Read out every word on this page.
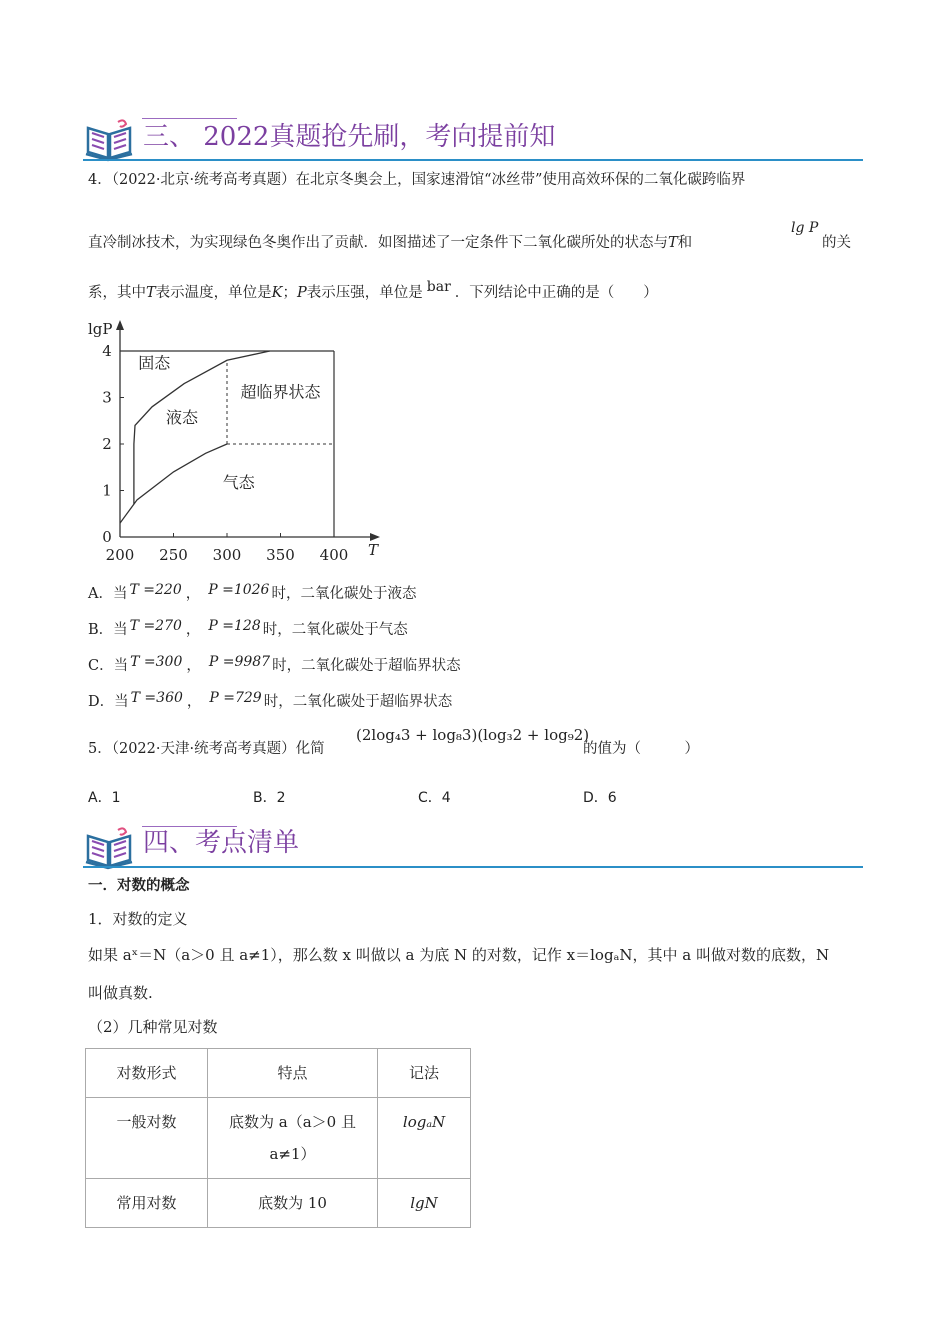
三、 2022真题抢先刷，考向提前知
4．（2022·北京·统考高考真题）在北京冬奥会上，国家速滑馆“冰丝带”使用高效环保的二氧化碳跨临界
直冷制冰技术，为实现绿色冬奥作出了贡献．如图描述了一定条件下二氧化碳所处的状态与T和
lg P
的关
系，其中T表示温度，单位是K；P表示压强，单位是 bar ．下列结论中正确的是（　　）
200 250 300 350 400
0
1
2
3
4
lgP
T
固态
液态
超临界状态
气态
A．当 T =220 ， P =1026 时，二氧化碳处于液态
B．当 T =270 ， P =128 时，二氧化碳处于气态
C．当 T =300 ， P =9987 时，二氧化碳处于超临界状态
D．当 T =360 ， P =729 时，二氧化碳处于超临界状态
5．（2022·天津·统考高考真题）化简
(2log₄3 + log₈3)(log₃2 + log₉2)
的值为（　　　）
A．1	B．2	C．4	D．6
四、考点清单
一．对数的概念
1．对数的定义
如果 aˣ＝N（a＞0 且 a≠1），那么数 x 叫做以 a 为底 N 的对数，记作 x＝logₐN，其中 a 叫做对数的底数，N
叫做真数.
（2）几种常见对数
对数形式	特点	记法
一般对数	底数为 a（a＞0 且
a≠1）	logₐN
常用对数	底数为 10	lgN
